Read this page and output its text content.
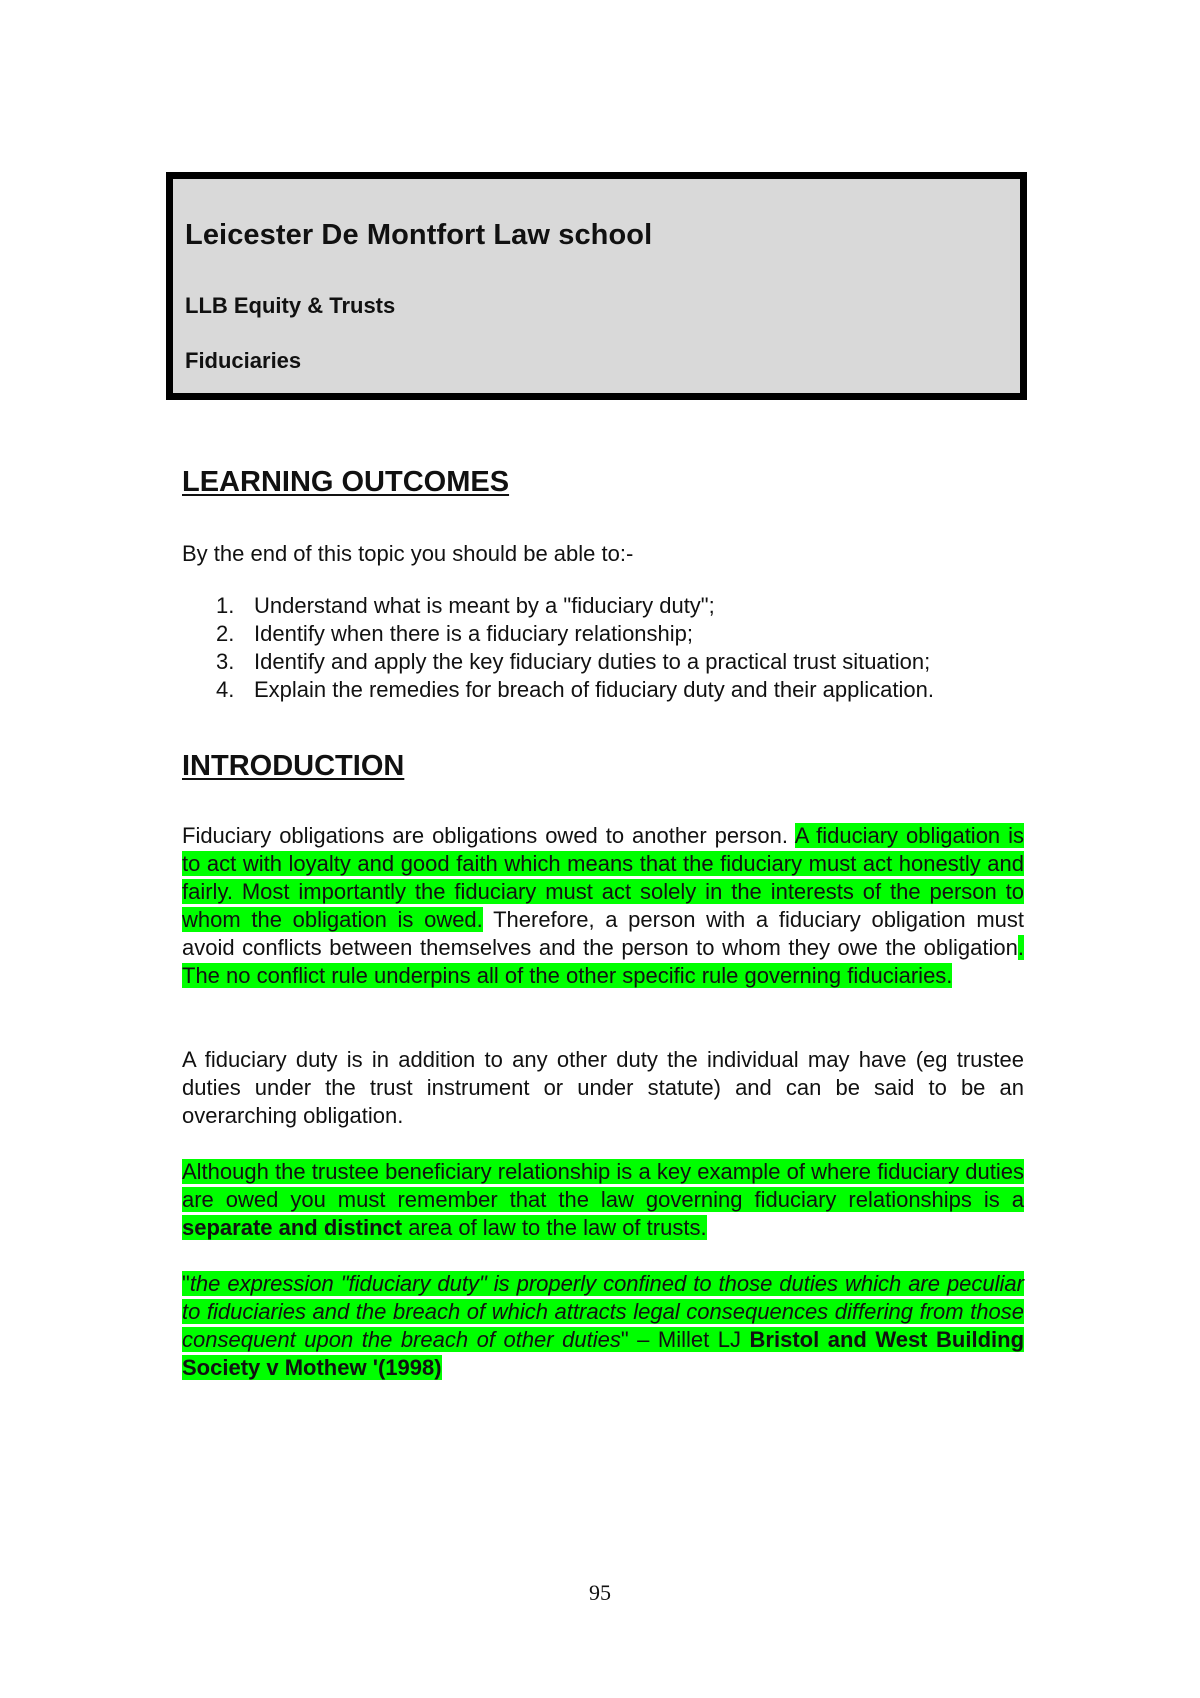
Leicester De Montfort Law school

LLB Equity & Trusts

Fiduciaries

LEARNING OUTCOMES

By the end of this topic you should be able to:-

1. Understand what is meant by a "fiduciary duty";
2. Identify when there is a fiduciary relationship;
3. Identify and apply the key fiduciary duties to a practical trust situation;
4. Explain the remedies for breach of fiduciary duty and their application.
INTRODUCTION

Fiduciary obligations are obligations owed to another person. A fiduciary obligation is to act with loyalty and good faith which means that the fiduciary must act honestly and fairly. Most importantly the fiduciary must act solely in the interests of the person to whom the obligation is owed. Therefore, a person with a fiduciary obligation must avoid conflicts between themselves and the person to whom they owe the obligation. The no conflict rule underpins all of the other specific rule governing fiduciaries.

A fiduciary duty is in addition to any other duty the individual may have (eg trustee duties under the trust instrument or under statute) and can be said to be an overarching obligation.

Although the trustee beneficiary relationship is a key example of where fiduciary duties are owed you must remember that the law governing fiduciary relationships is a separate and distinct area of law to the law of trusts.

"the expression "fiduciary duty" is properly confined to those duties which are peculiar to fiduciaries and the breach of which attracts legal consequences differing from those consequent upon the breach of other duties" – Millet LJ Bristol and West Building Society v Mothew '(1998)

95
